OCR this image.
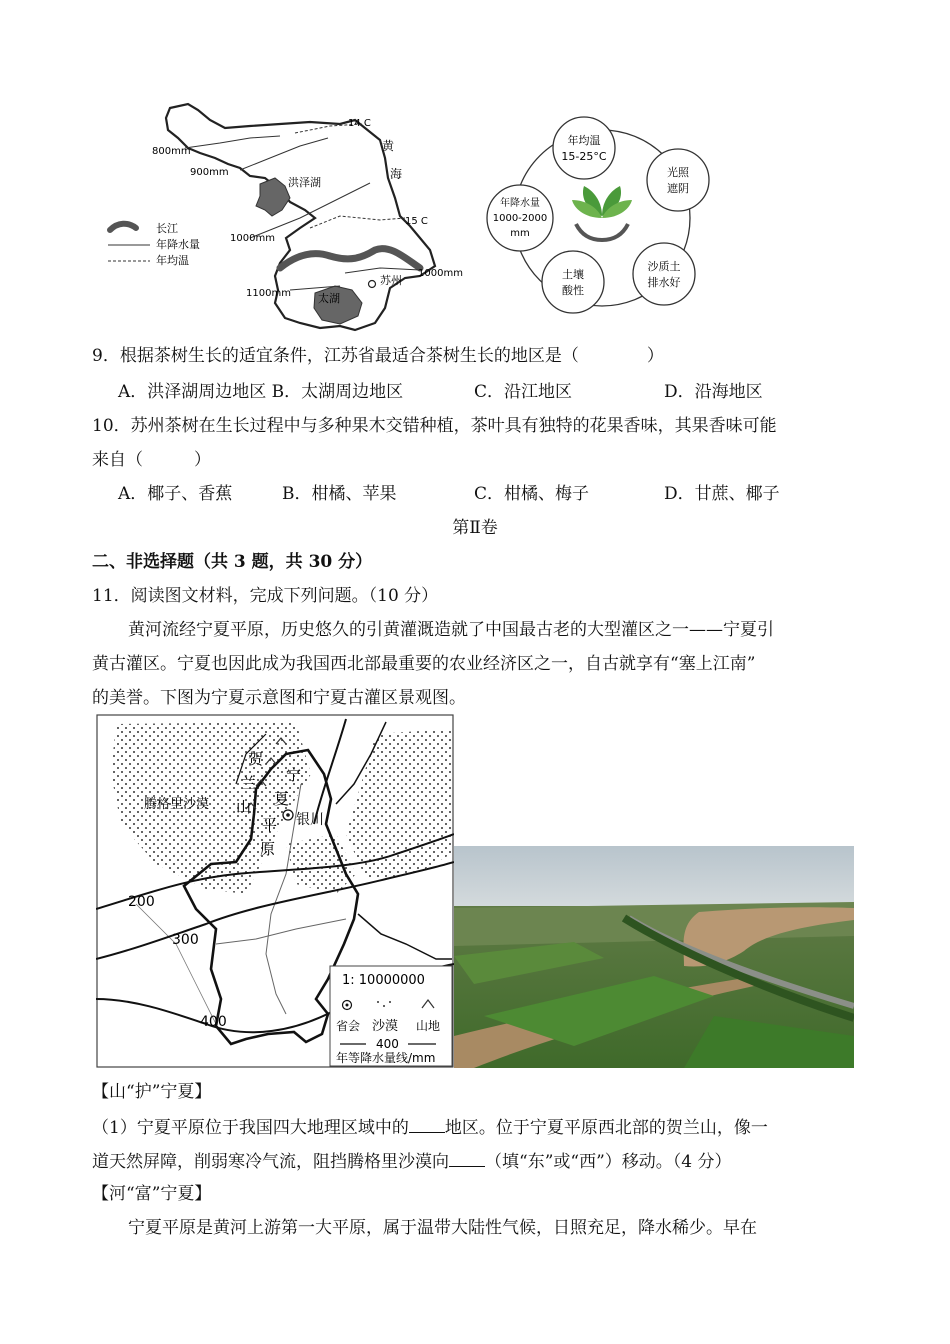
14 C
15 C
黄
海
800mm
900mm
1000mm
1000mm
1100mm
洪泽湖
太湖
苏州
长江
年降水量
年均温
年均温
15-25°C
光照
遮阴
年降水量
1000-2000
mm
土壤
酸性
沙质土
排水好
9．根据茶树生长的适宜条件，江苏省最适合茶树生长的地区是（　　　　）
A．洪泽湖周边地区 B．太湖周边地区	C．沿江地区	D．沿海地区
10．苏州茶树在生长过程中与多种果木交错种植，茶叶具有独特的花果香味，其果香味可能
来自（　　　）
A．椰子、香蕉	B．柑橘、苹果	C．柑橘、梅子	D．甘蔗、椰子
第Ⅱ卷
二、非选择题（共 3 题，共 30 分）
11．阅读图文材料，完成下列问题。（10 分）
黄河流经宁夏平原，历史悠久的引黄灌溉造就了中国最古老的大型灌区之一——宁夏引
黄古灌区。宁夏也因此成为我国西北部最重要的农业经济区之一，自古就享有“塞上江南”
的美誉。下图为宁夏示意图和宁夏古灌区景观图。
腾格里沙漠
贺
兰
山
宁
夏
平
原
银川
200
300
400
1: 10000000
省会 沙漠 山地
400
年等降水量线/mm
【山“护”宁夏】
（1）宁夏平原位于我国四大地理区域中的 地区。位于宁夏平原西北部的贺兰山，像一
道天然屏障，削弱寒冷气流，阻挡腾格里沙漠向 （填“东”或“西”）移动。（4 分）
【河“富”宁夏】
宁夏平原是黄河上游第一大平原，属于温带大陆性气候，日照充足，降水稀少。早在
